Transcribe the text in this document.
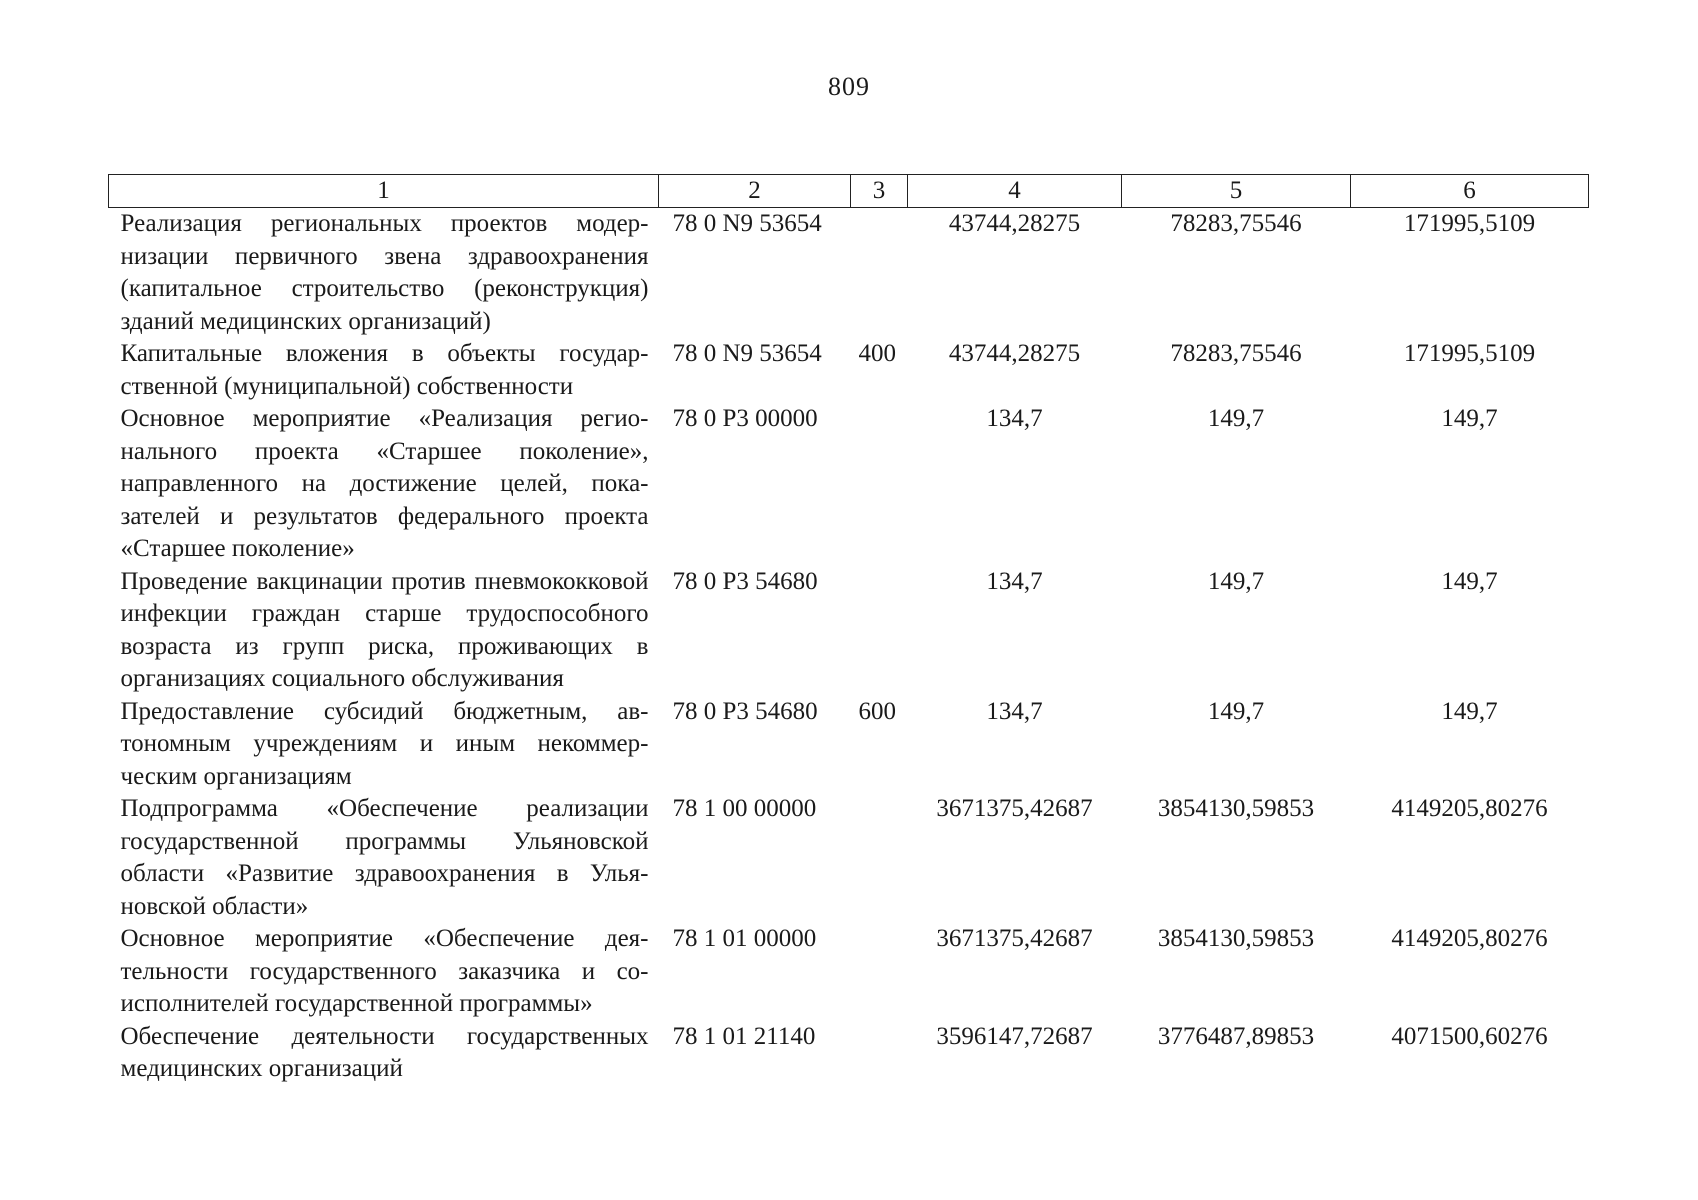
809
1	2	3	4	5	6
Реализация региональных проектов модернизации первичного звена здравоохранения (капитальное строительство (реконструкция) зданий медицинских организаций)	78 0 N9 53654		43744,28275	78283,75546	171995,5109
Капитальные вложения в объекты государственной (муниципальной) собственности	78 0 N9 53654	400	43744,28275	78283,75546	171995,5109
Основное мероприятие «Реализация регионального проекта «Старшее поколение», направленного на достижение целей, показателей и результатов федерального проекта «Старшее поколение»	78 0 P3 00000		134,7	149,7	149,7
Проведение вакцинации против пневмококковой инфекции граждан старше трудоспособного возраста из групп риска, проживающих в организациях социального обслуживания	78 0 P3 54680		134,7	149,7	149,7
Предоставление субсидий бюджетным, автономным учреждениям и иным некоммерческим организациям	78 0 P3 54680	600	134,7	149,7	149,7
Подпрограмма «Обеспечение реализации государственной программы Ульяновской области «Развитие здравоохранения в Ульяновской области»	78 1 00 00000		3671375,42687	3854130,59853	4149205,80276
Основное мероприятие «Обеспечение деятельности государственного заказчика и соисполнителей государственной программы»	78 1 01 00000		3671375,42687	3854130,59853	4149205,80276
Обеспечение деятельности государственных медицинских организаций	78 1 01 21140		3596147,72687	3776487,89853	4071500,60276
